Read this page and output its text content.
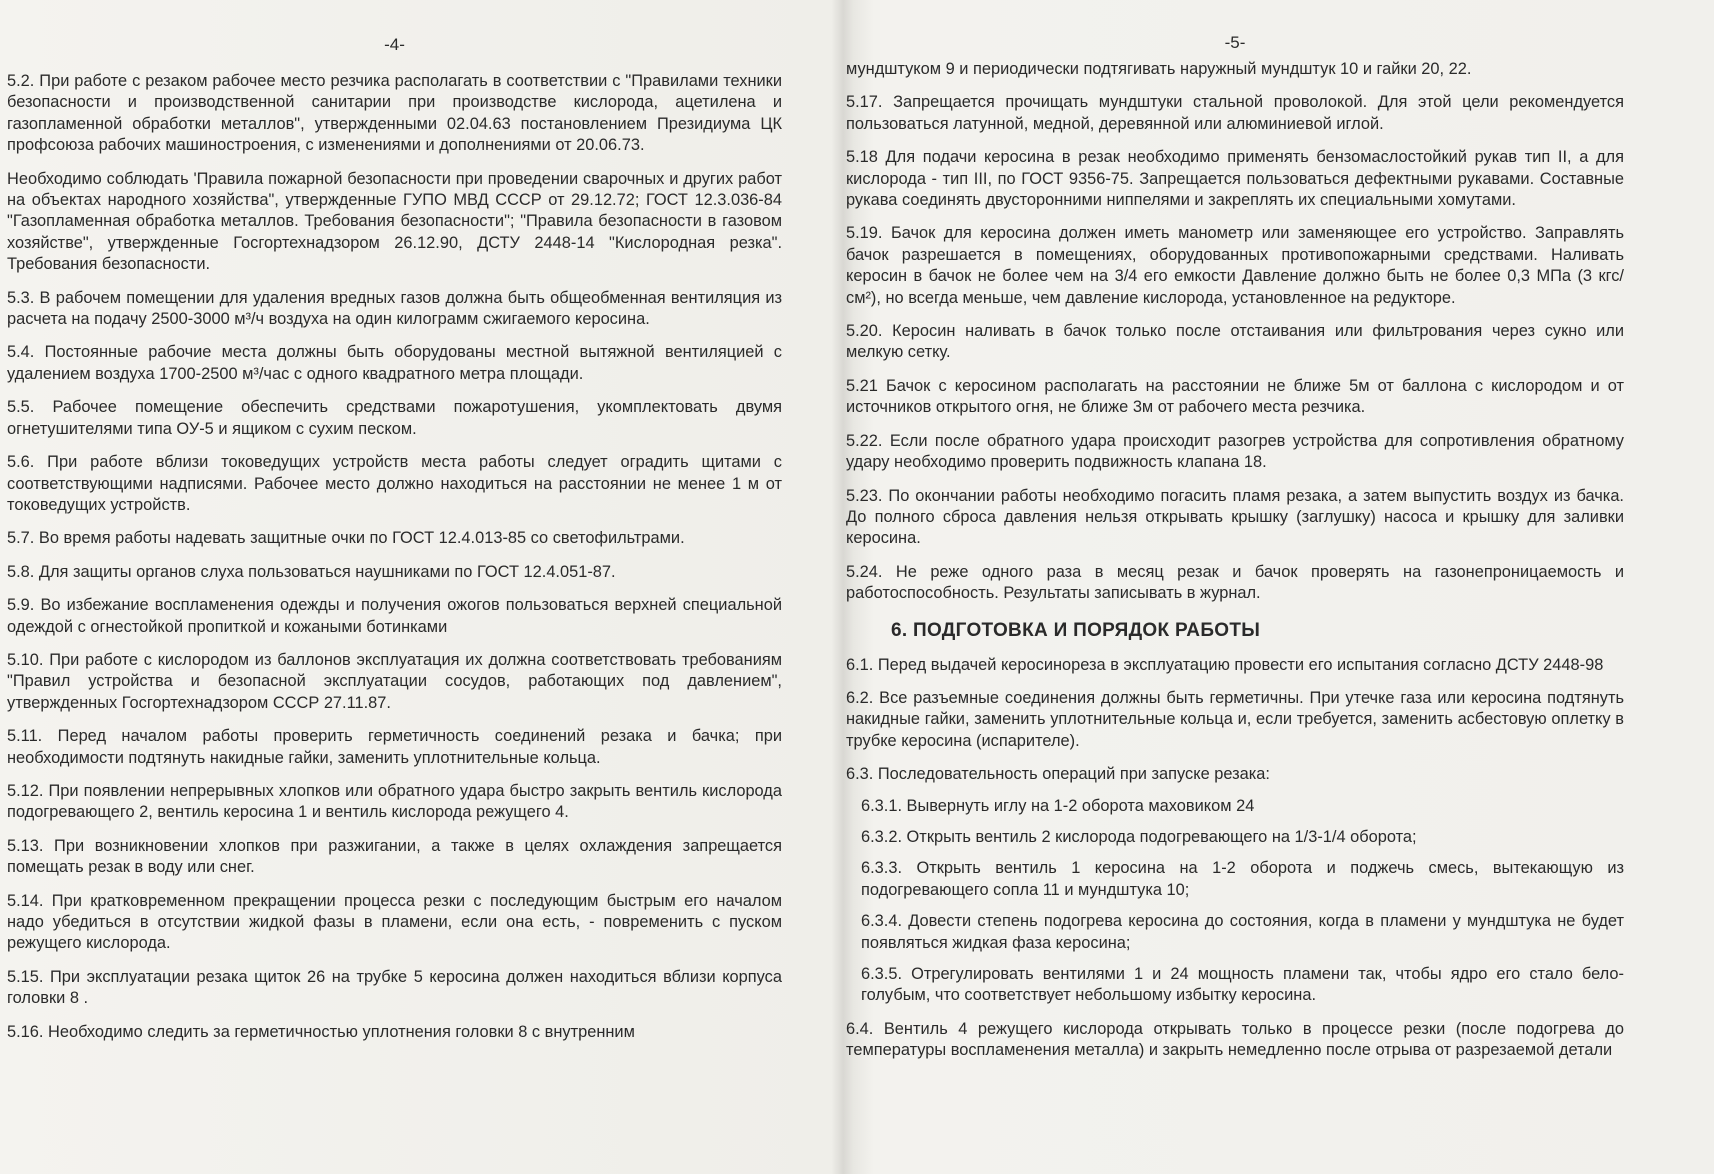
-4-

5.2. При работе с резаком рабочее место резчика располагать в соответствии с "Правилами техники безопасности и производственной санитарии при производстве кислорода, ацетилена и газопламенной обработки металлов", утвержденными 02.04.63 постановлением Президиума ЦК профсоюза рабочих машиностроения, с изменениями и дополнениями от 20.06.73.

Необходимо соблюдать 'Правила пожарной безопасности при проведении сварочных и других работ на объектах народного хозяйства", утвержденные ГУПО МВД СССР от 29.12.72; ГОСТ 12.3.036-84 "Газопламенная обработка металлов. Требования безопасности"; "Правила безопасности в газовом хозяйстве", утвержденные Госгортехнадзором 26.12.90, ДСТУ 2448-14 "Кислородная резка". Требования безопасности.

5.3. В рабочем помещении для удаления вредных газов должна быть общеобменная вентиляция из расчета на подачу 2500-3000 м³/ч воздуха на один килограмм сжигаемого керосина.

5.4. Постоянные рабочие места должны быть оборудованы местной вытяжной вентиляцией с удалением воздуха 1700-2500 м³/час с одного квадратного метра площади.

5.5. Рабочее помещение обеспечить средствами пожаротушения, укомплектовать двумя огнетушителями типа ОУ-5 и ящиком с сухим песком.

5.6. При работе вблизи токоведущих устройств места работы следует оградить щитами с соответствующими надписями. Рабочее место должно находиться на расстоянии не менее 1 м от токоведущих устройств.

5.7. Во время работы надевать защитные очки по ГОСТ 12.4.013-85 со светофильтрами.

5.8. Для защиты органов слуха пользоваться наушниками по ГОСТ 12.4.051-87.

5.9. Во избежание воспламенения одежды и получения ожогов пользоваться верхней специальной одеждой с огнестойкой пропиткой и кожаными ботинками

5.10. При работе с кислородом из баллонов эксплуатация их должна соответствовать требованиям "Правил устройства и безопасной эксплуатации сосудов, работающих под давлением", утвержденных Госгортехнадзором СССР 27.11.87.

5.11. Перед началом работы проверить герметичность соединений резака и бачка; при необходимости подтянуть накидные гайки, заменить уплотнительные кольца.

5.12. При появлении непрерывных хлопков или обратного удара быстро закрыть вентиль кислорода подогревающего 2, вентиль керосина 1 и вентиль кислорода режущего 4.

5.13. При возникновении хлопков при разжигании, а также в целях охлаждения запрещается помещать резак в воду или снег.

5.14. При кратковременном прекращении процесса резки с последующим быстрым его началом надо убедиться в отсутствии жидкой фазы в пламени, если она есть, - повременить с пуском режущего кислорода.

5.15. При эксплуатации резака щиток 26 на трубке 5 керосина должен находиться вблизи корпуса головки 8 .

5.16. Необходимо следить за герметичностью уплотнения головки 8 с внутренним

-5-

мундштуком 9 и периодически подтягивать наружный мундштук 10 и гайки 20, 22.

5.17. Запрещается прочищать мундштуки стальной проволокой. Для этой цели рекомендуется пользоваться латунной, медной, деревянной или алюминиевой иглой.

5.18 Для подачи керосина в резак необходимо применять бензомаслостойкий рукав тип II, а для кислорода - тип III, по ГОСТ 9356-75. Запрещается пользоваться дефектными рукавами. Составные рукава соединять двусторонними ниппелями и закреплять их специальными хомутами.

5.19. Бачок для керосина должен иметь манометр или заменяющее его устройство. Заправлять бачок разрешается в помещениях, оборудованных противопожарными средствами. Наливать керосин в бачок не более чем на 3/4 его емкости Давление должно быть не более 0,3 МПа (3 кгс/см²), но всегда меньше, чем давление кислорода, установленное на редукторе.

5.20. Керосин наливать в бачок только после отстаивания или фильтрования через сукно или мелкую сетку.

5.21 Бачок с керосином располагать на расстоянии не ближе 5м от баллона с кислородом и от источников открытого огня, не ближе 3м от рабочего места резчика.

5.22. Если после обратного удара происходит разогрев устройства для сопротивления обратному удару необходимо проверить подвижность клапана 18.

5.23. По окончании работы необходимо погасить пламя резака, а затем выпустить воздух из бачка. До полного сброса давления нельзя открывать крышку (заглушку) насоса и крышку для заливки керосина.

5.24. Не реже одного раза в месяц резак и бачок проверять на газонепроницаемость и работоспособность. Результаты записывать в журнал.

6. ПОДГОТОВКА И ПОРЯДОК РАБОТЫ

6.1. Перед выдачей керосинореза в эксплуатацию провести его испытания согласно ДСТУ 2448-98

6.2. Все разъемные соединения должны быть герметичны. При утечке газа или керосина подтянуть накидные гайки, заменить уплотнительные кольца и, если требуется, заменить асбестовую оплетку в трубке керосина (испарителе).

6.3. Последовательность операций при запуске резака:

6.3.1. Вывернуть иглу на 1-2 оборота маховиком 24

6.3.2. Открыть вентиль 2 кислорода подогревающего на 1/3-1/4 оборота;

6.3.3. Открыть вентиль 1 керосина на 1-2 оборота и поджечь смесь, вытекающую из подогревающего сопла 11 и мундштука 10;

6.3.4. Довести степень подогрева керосина до состояния, когда в пламени у мундштука не будет появляться жидкая фаза керосина;

6.3.5. Отрегулировать вентилями 1 и 24 мощность пламени так, чтобы ядро его стало бело-голубым, что соответствует небольшому избытку керосина.

6.4. Вентиль 4 режущего кислорода открывать только в процессе резки (после подогрева до температуры воспламенения металла) и закрыть немедленно после отрыва от разрезаемой детали
